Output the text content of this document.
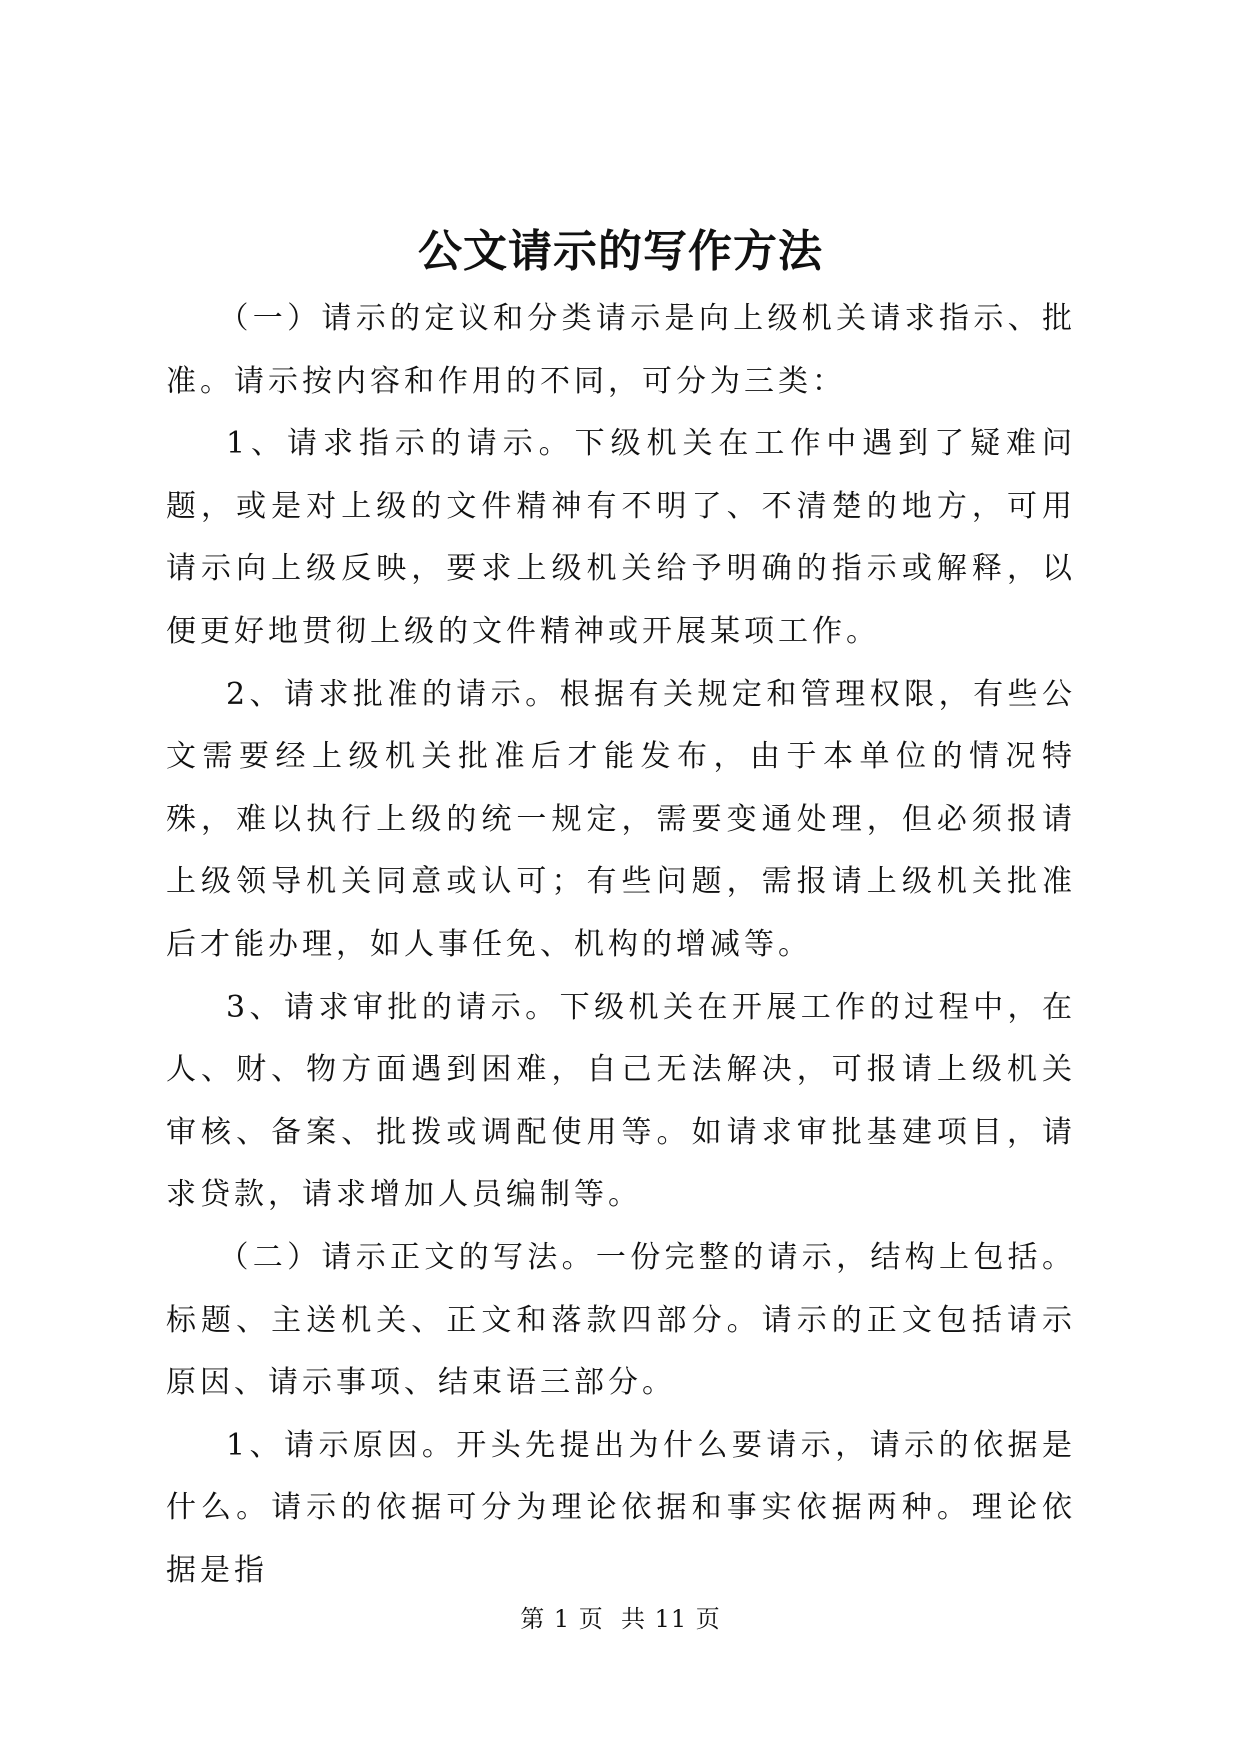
公文请示的写作方法

（一）请示的定议和分类请示是向上级机关请求指示、批准。请示按内容和作用的不同，可分为三类：

1、请求指示的请示。下级机关在工作中遇到了疑难问题，或是对上级的文件精神有不明了、不清楚的地方，可用请示向上级反映，要求上级机关给予明确的指示或解释，以便更好地贯彻上级的文件精神或开展某项工作。

2、请求批准的请示。根据有关规定和管理权限，有些公文需要经上级机关批准后才能发布，由于本单位的情况特殊，难以执行上级的统一规定，需要变通处理，但必须报请上级领导机关同意或认可；有些问题，需报请上级机关批准后才能办理，如人事任免、机构的增减等。

3、请求审批的请示。下级机关在开展工作的过程中，在人、财、物方面遇到困难，自己无法解决，可报请上级机关审核、备案、批拨或调配使用等。如请求审批基建项目，请求贷款，请求增加人员编制等。

（二）请示正文的写法。一份完整的请示，结构上包括。标题、主送机关、正文和落款四部分。请示的正文包括请示原因、请示事项、结束语三部分。

1、请示原因。开头先提出为什么要请示，请示的依据是什么。请示的依据可分为理论依据和事实依据两种。理论依据是指

第 1 页  共 11 页
